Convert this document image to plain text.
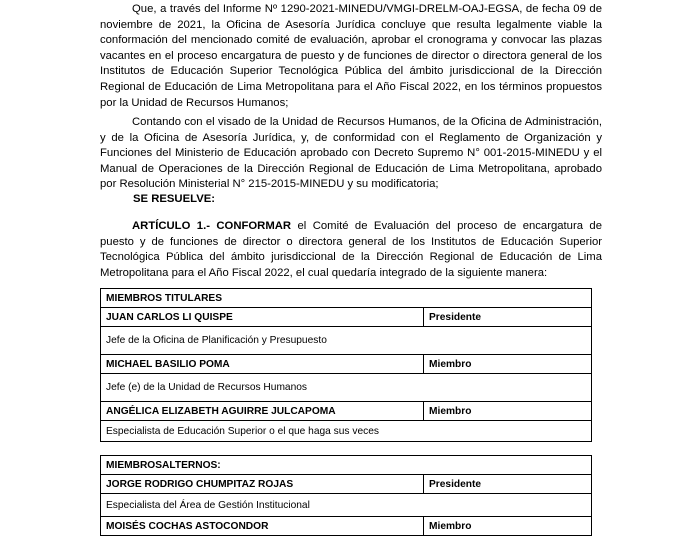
Que, a través del Informe Nº 1290-2021-MINEDU/VMGI-DRELM-OAJ-EGSA, de fecha 09 de noviembre de 2021, la Oficina de Asesoría Jurídica concluye que resulta legalmente viable la conformación del mencionado comité de evaluación, aprobar el cronograma y convocar las plazas vacantes en el proceso encargatura de puesto y de funciones de director o directora general de los Institutos de Educación Superior Tecnológica Pública del ámbito jurisdiccional de la Dirección Regional de Educación de Lima Metropolitana para el Año Fiscal 2022, en los términos propuestos por la Unidad de Recursos Humanos;

Contando con el visado de la Unidad de Recursos Humanos, de la Oficina de Administración, y de la Oficina de Asesoría Jurídica, y, de conformidad con el Reglamento de Organización y Funciones del Ministerio de Educación aprobado con Decreto Supremo N° 001-2015-MINEDU y el Manual de Operaciones de la Dirección Regional de Educación de Lima Metropolitana, aprobado por Resolución Ministerial N° 215-2015-MINEDU y su modificatoria;

SE RESUELVE:

ARTÍCULO 1.- CONFORMAR el Comité de Evaluación del proceso de encargatura de puesto y de funciones de director o directora general de los Institutos de Educación Superior Tecnológica Pública del ámbito jurisdiccional de la Dirección Regional de Educación de Lima Metropolitana para el Año Fiscal 2022, el cual quedaría integrado de la siguiente manera:

MIEMBROS TITULARES	
JUAN CARLOS LI QUISPE	Presidente
Jefe de la Oficina de Planificación y Presupuesto	
MICHAEL BASILIO POMA	Miembro
Jefe (e) de la Unidad de Recursos Humanos	
ANGÉLICA ELIZABETH AGUIRRE JULCAPOMA	Miembro
Especialista de Educación Superior o el que haga sus veces	
MIEMBROSALTERNOS:	
JORGE RODRIGO CHUMPITAZ ROJAS	Presidente
Especialista del Área de Gestión Institucional	
MOISÉS COCHAS ASTOCONDOR	Miembro
